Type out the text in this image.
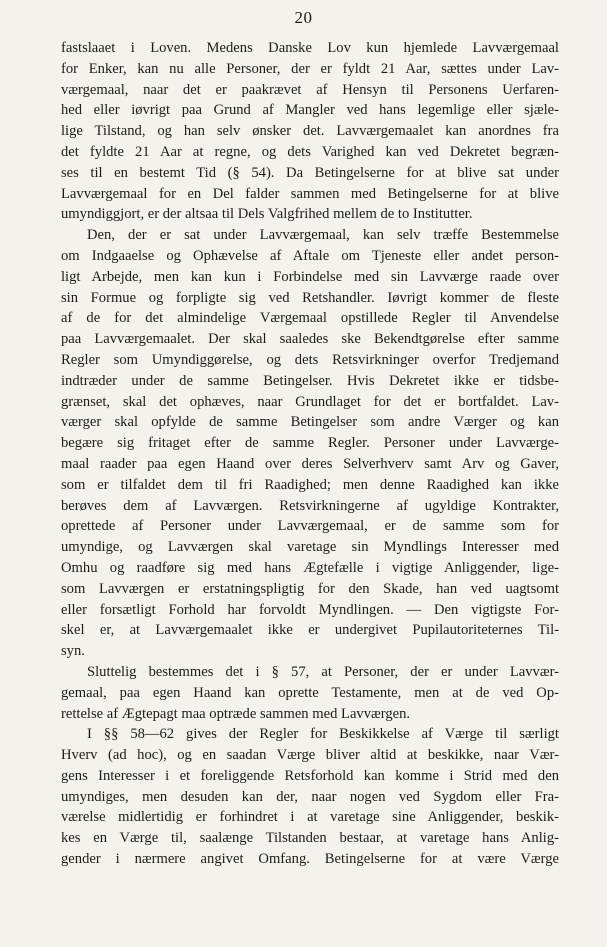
20
fastslaaet i Loven. Medens Danske Lov kun hjemlede Lavværgemaal
for Enker, kan nu alle Personer, der er fyldt 21 Aar, sættes under Lav-
værgemaal, naar det er paakrævet af Hensyn til Personens Uerfaren-
hed eller iøvrigt paa Grund af Mangler ved hans legemlige eller sjæle-
lige Tilstand, og han selv ønsker det. Lavværgemaalet kan anordnes fra
det fyldte 21 Aar at regne, og dets Varighed kan ved Dekretet begræn-
ses til en bestemt Tid (§ 54). Da Betingelserne for at blive sat under
Lavværgemaal for en Del falder sammen med Betingelserne for at blive
umyndiggjort, er der altsaa til Dels Valgfrihed mellem de to Institutter.
Den, der er sat under Lavværgemaal, kan selv træffe Bestemmelse
om Indgaaelse og Ophævelse af Aftale om Tjeneste eller andet person-
ligt Arbejde, men kan kun i Forbindelse med sin Lavværge raade over
sin Formue og forpligte sig ved Retshandler. Iøvrigt kommer de fleste
af de for det almindelige Værgemaal opstillede Regler til Anvendelse
paa Lavværgemaalet. Der skal saaledes ske Bekendtgørelse efter samme
Regler som Umyndiggørelse, og dets Retsvirkninger overfor Tredjemand
indtræder under de samme Betingelser. Hvis Dekretet ikke er tidsbe-
grænset, skal det ophæves, naar Grundlaget for det er bortfaldet. Lav-
værger skal opfylde de samme Betingelser som andre Værger og kan
begære sig fritaget efter de samme Regler. Personer under Lavværge-
maal raader paa egen Haand over deres Selverhverv samt Arv og Gaver,
som er tilfaldet dem til fri Raadighed; men denne Raadighed kan ikke
berøves dem af Lavværgen. Retsvirkningerne af ugyldige Kontrakter,
oprettede af Personer under Lavværgemaal, er de samme som for
umyndige, og Lavværgen skal varetage sin Myndlings Interesser med
Omhu og raadføre sig med hans Ægtefælle i vigtige Anliggender, lige-
som Lavværgen er erstatningspligtig for den Skade, han ved uagtsomt
eller forsætligt Forhold har forvoldt Myndlingen. — Den vigtigste For-
skel er, at Lavværgemaalet ikke er undergivet Pupilautoriteternes Til-
syn.
Sluttelig bestemmes det i § 57, at Personer, der er under Lavvær-
gemaal, paa egen Haand kan oprette Testamente, men at de ved Op-
rettelse af Ægtepagt maa optræde sammen med Lavværgen.
I §§ 58—62 gives der Regler for Beskikkelse af Værge til særligt
Hverv (ad hoc), og en saadan Værge bliver altid at beskikke, naar Vær-
gens Interesser i et foreliggende Retsforhold kan komme i Strid med den
umyndiges, men desuden kan der, naar nogen ved Sygdom eller Fra-
værelse midlertidig er forhindret i at varetage sine Anliggender, beskik-
kes en Værge til, saalænge Tilstanden bestaar, at varetage hans Anlig-
gender i nærmere angivet Omfang. Betingelserne for at være Værge
